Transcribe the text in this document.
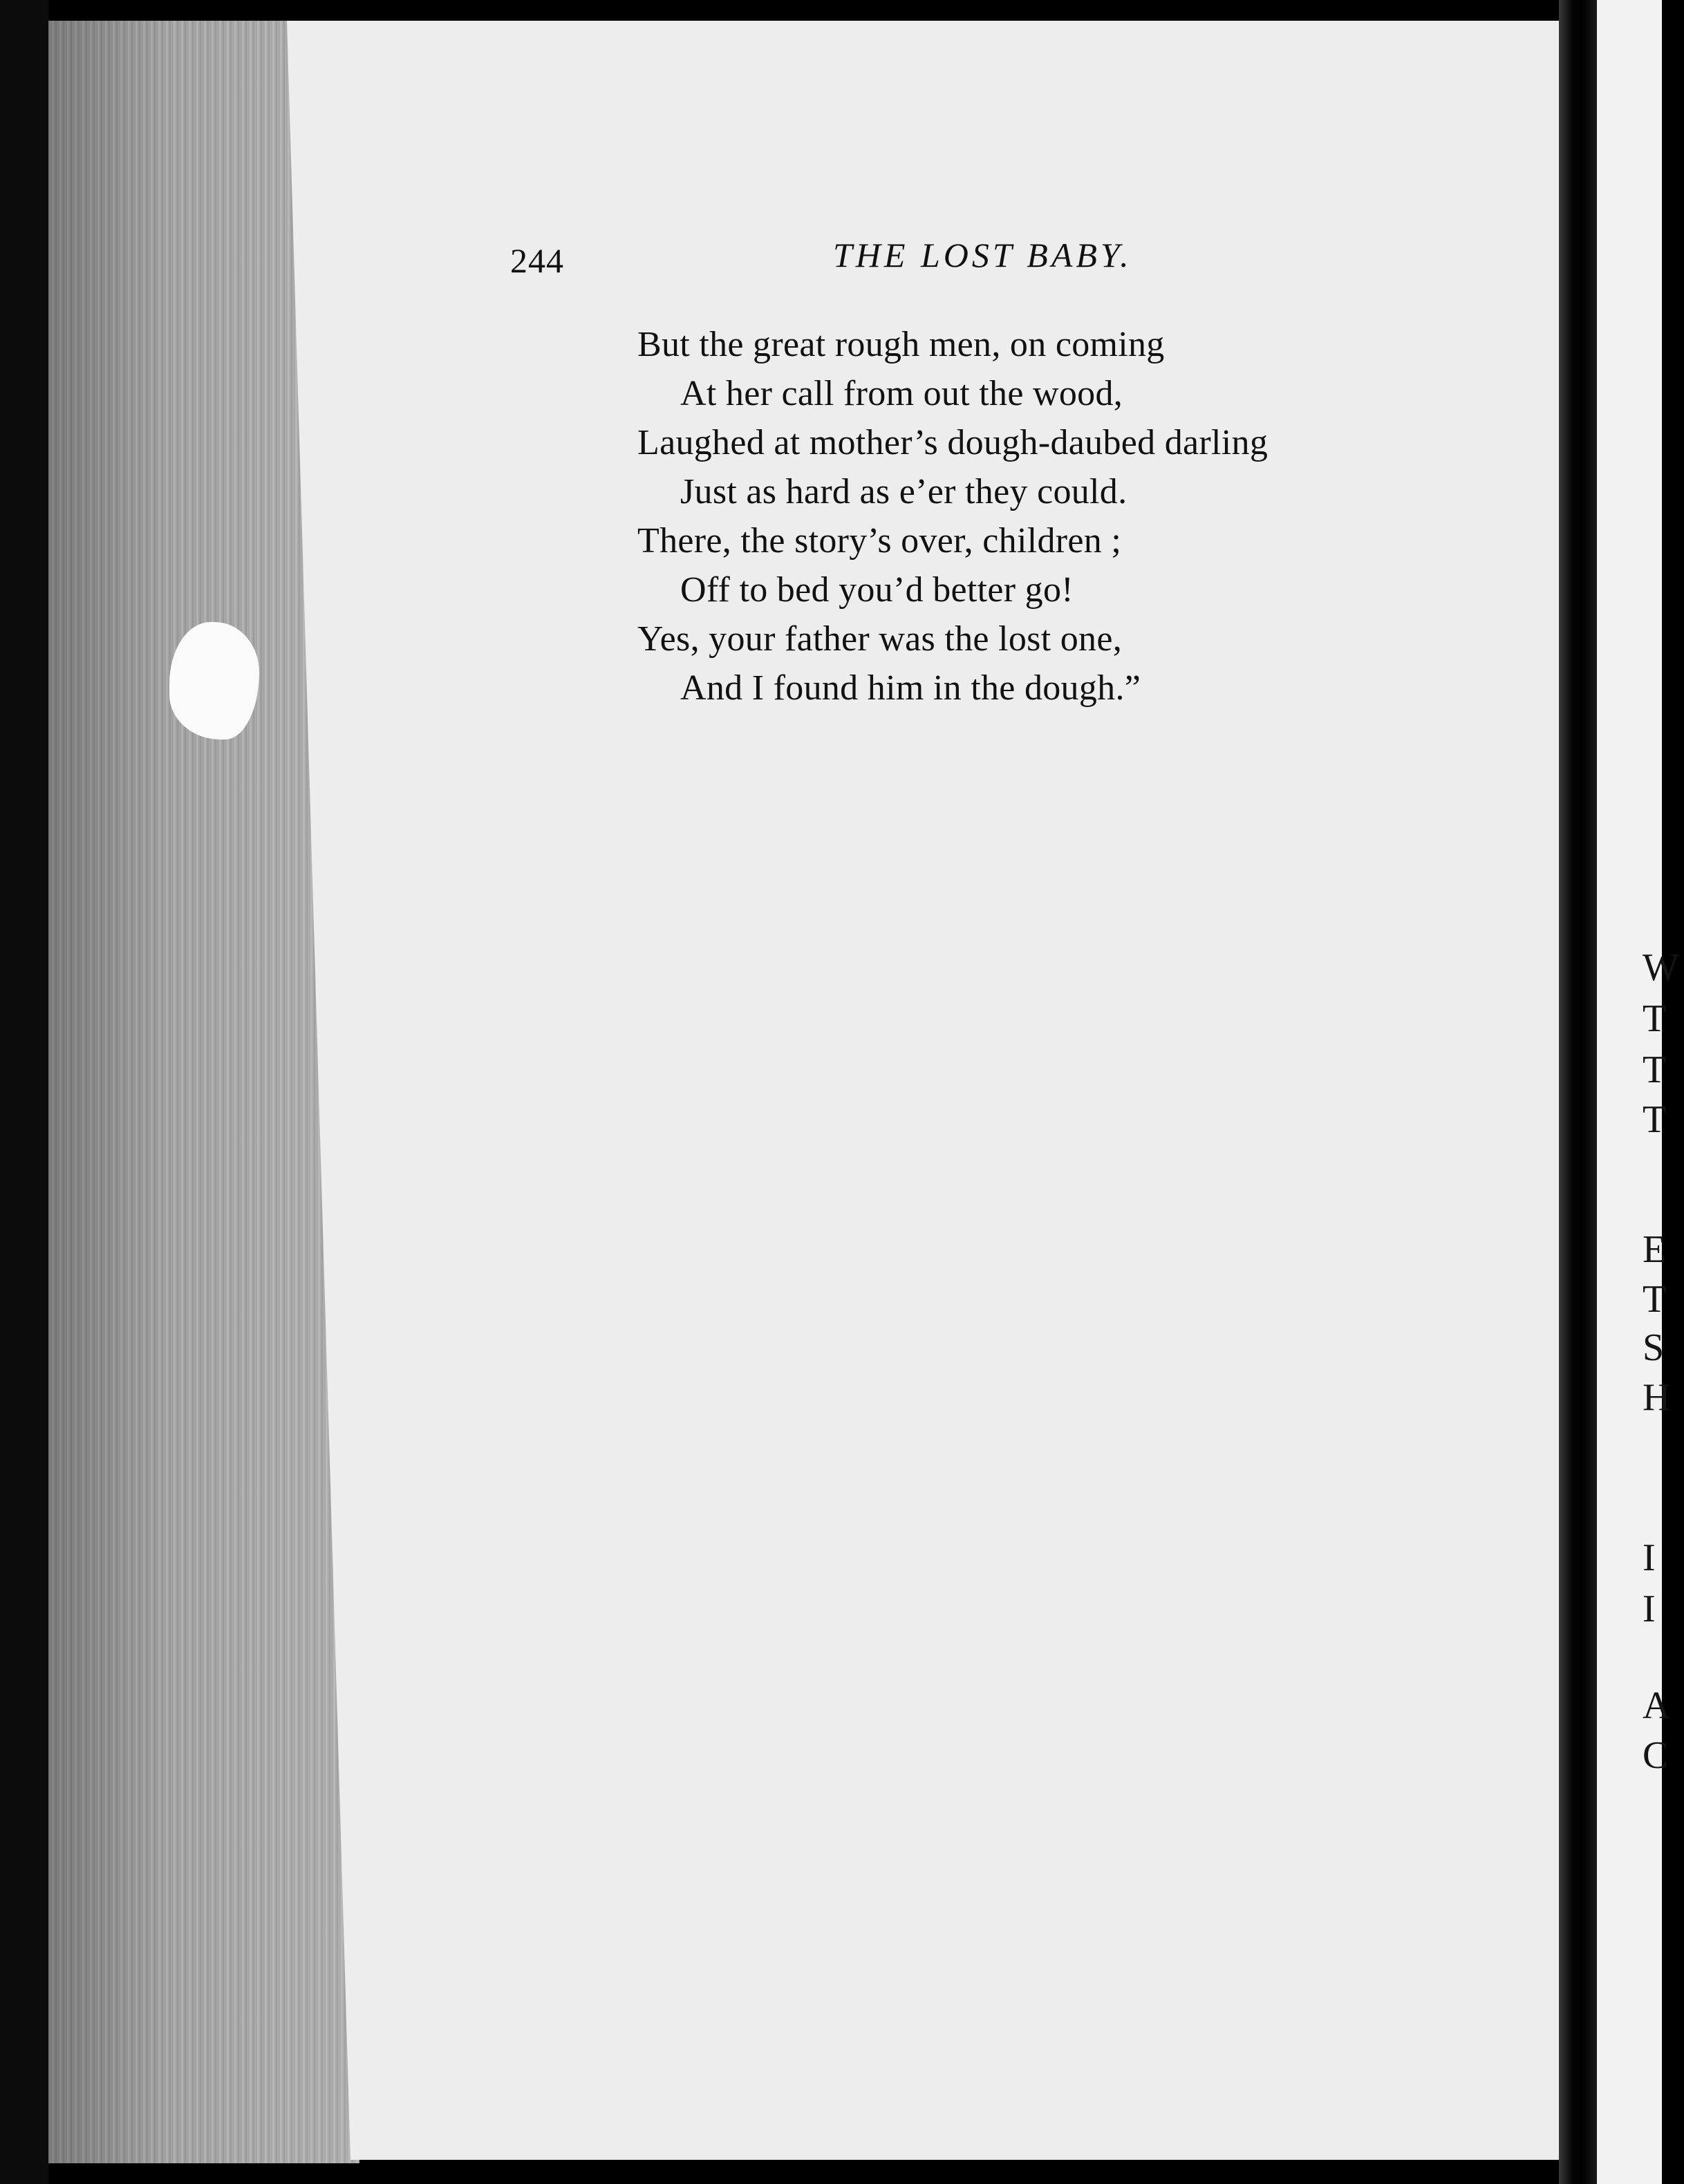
W
T
T
T
E
T
S
H
I
I
A
C
244	THE LOST BABY.
But the great rough men, on coming
At her call from out the wood,
Laughed at mother’s dough-daubed darling
Just as hard as e’er they could.
There, the story’s over, children ;
Off to bed you’d better go!
Yes, your father was the lost one,
And I found him in the dough.”
